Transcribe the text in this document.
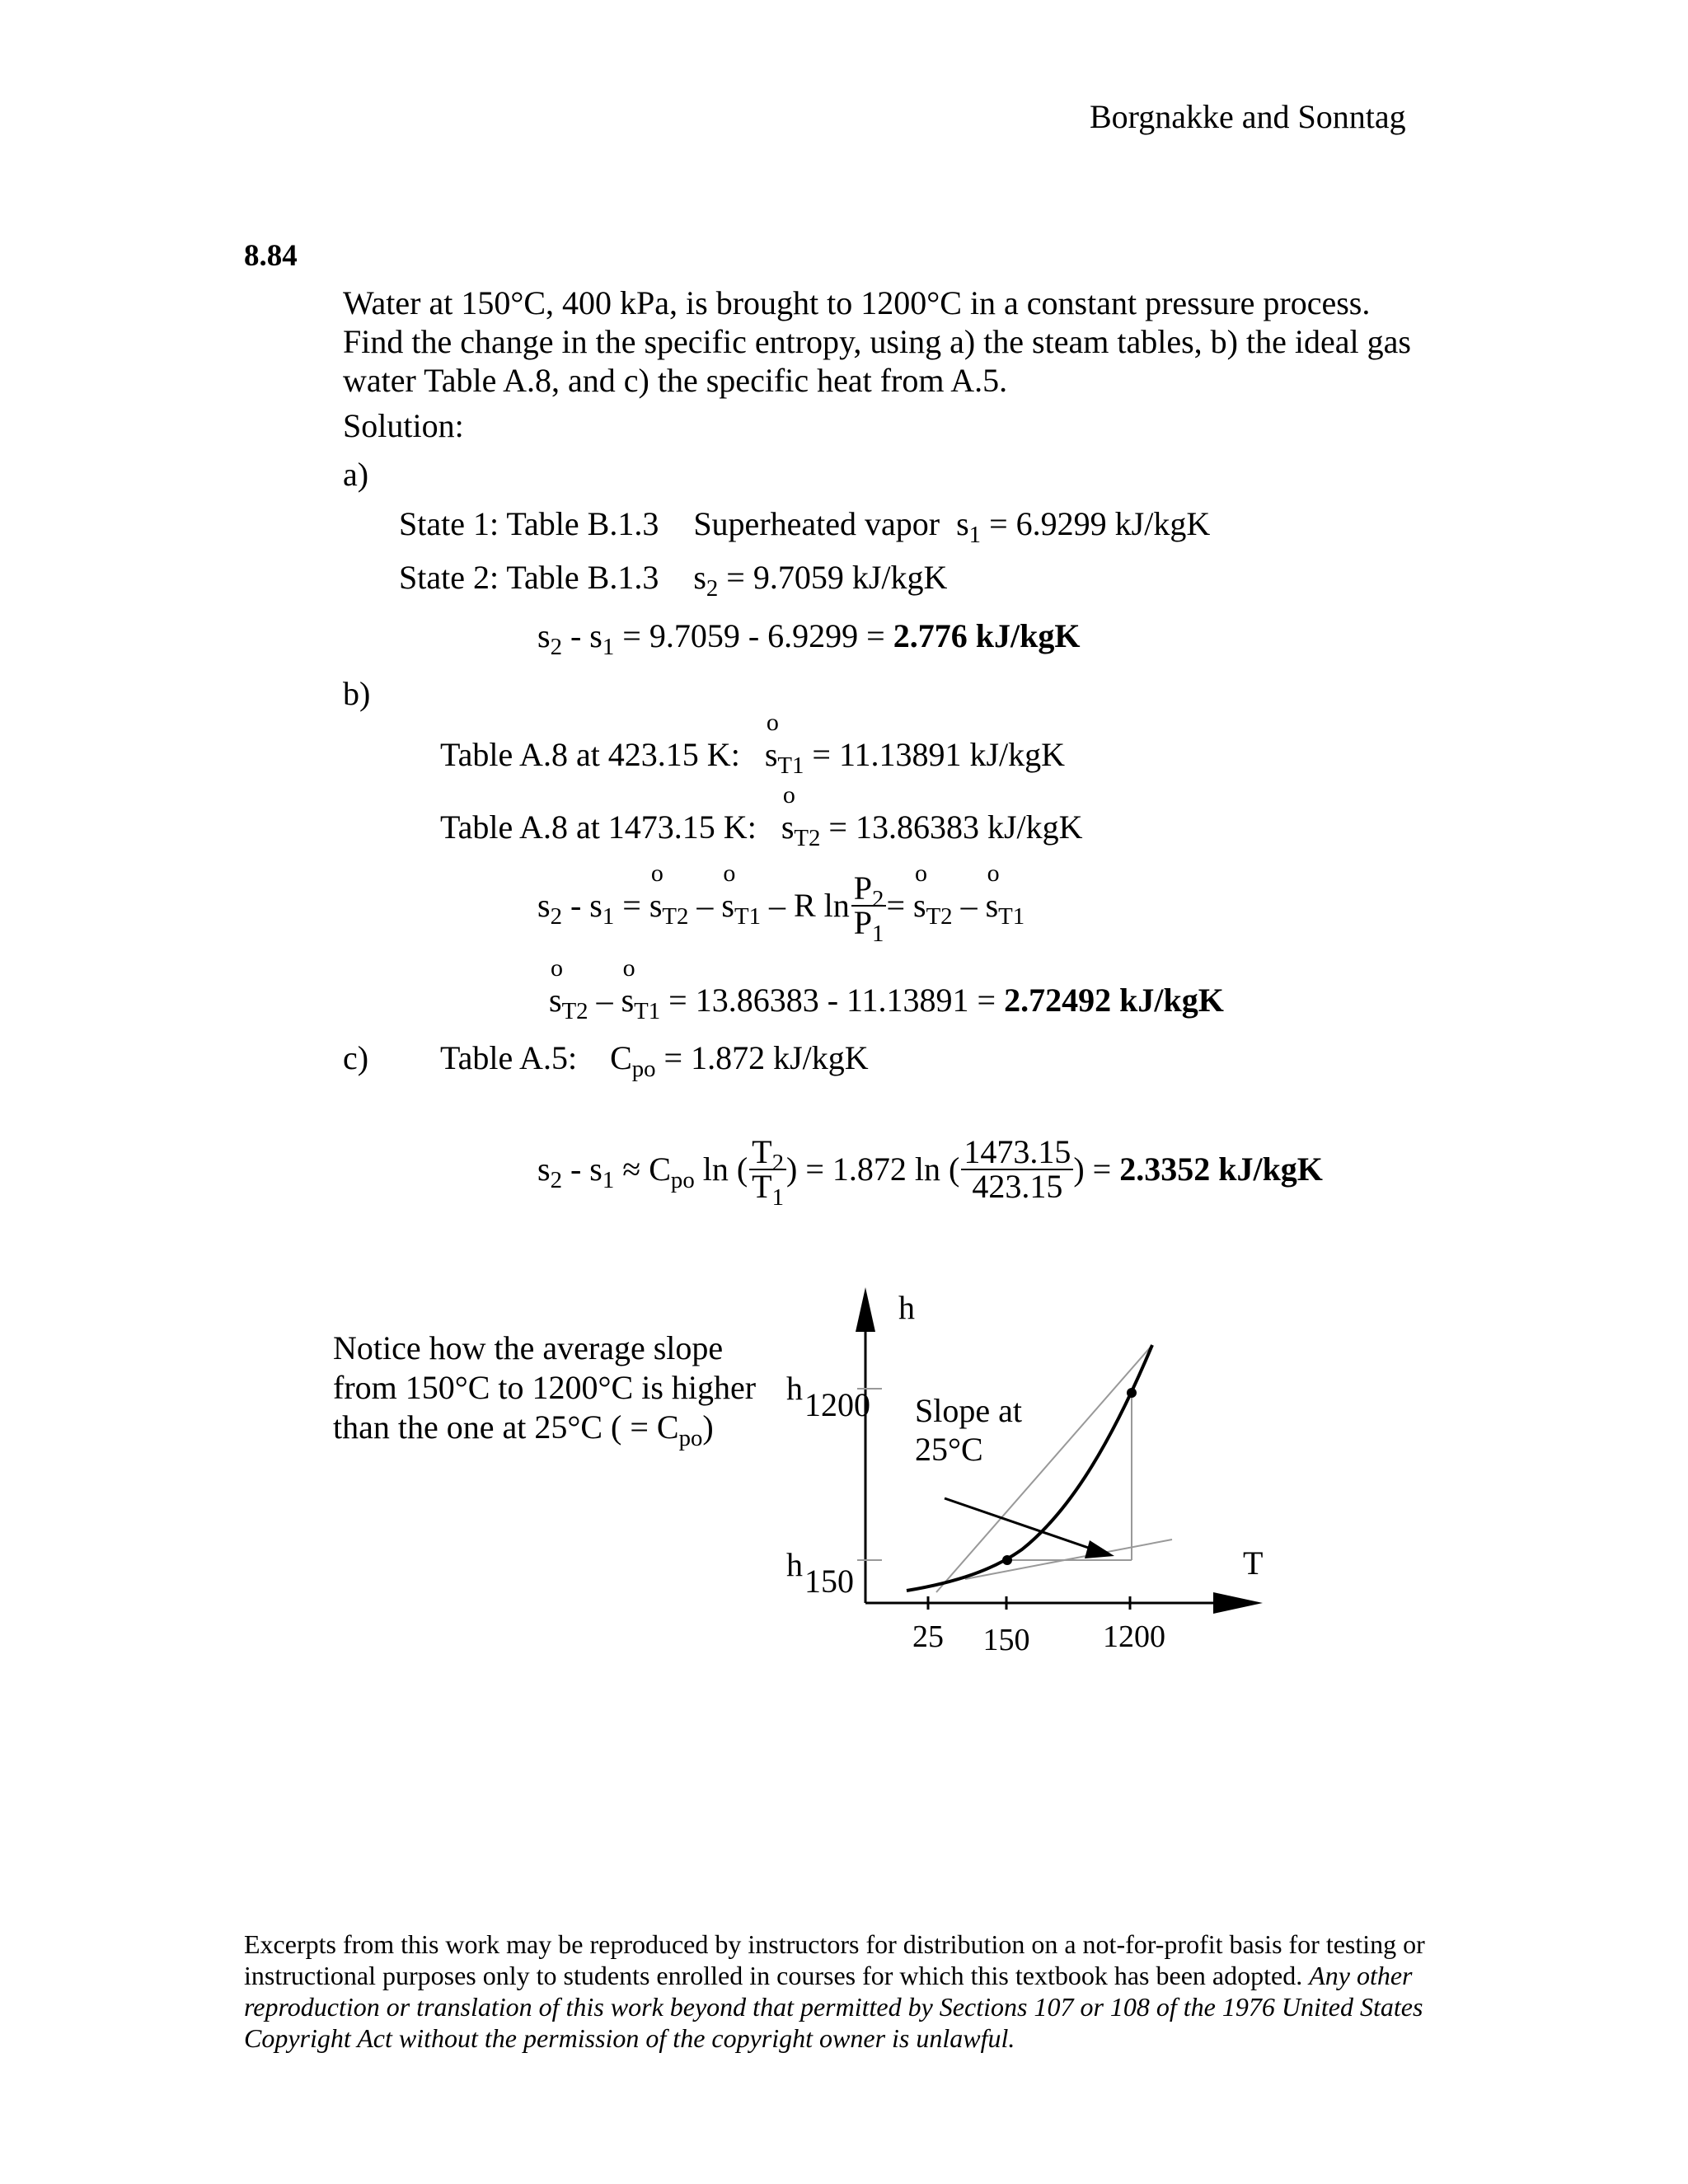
Borgnakke and Sonntag
8.84
Water at 150°C, 400 kPa, is brought to 1200°C in a constant pressure process.
Find the change in the specific entropy, using a) the steam tables, b) the ideal gas
water Table A.8, and c) the specific heat from A.5.
Solution:
a)
State 1: Table B.1.3 Superheated vapor  $s_1 = 6.9299$ kJ/kgK
State 2: Table B.1.3 $s_2 = 9.7059$ kJ/kgK
$s_2 - s_1 = 9.7059 - 6.9299 = 2.776$ kJ/kgK
b)
Table A.8 at 423.15 K: s
o
$_{T1}$ = 11.13891 kJ/kgK
Table A.8 at 1473.15 K: s
o
$_{T2}$ = 13.86383 kJ/kgK
$s_2 - s_1 = s$
o
$_{T2}$ – s
o
$_{T1}$ – R $\ln \frac{P_2}{P_1} = s$
o
$_{T2}$ – s
o
$_{T1}$
s
o
$_{T2}$ – s
o
$_{T1}$ = 13.86383 - 11.13891 = 2.72492 kJ/kgK
c) Table A.5:    $C_{po} = 1.872$ kJ/kgK
$s_2 - s_1 \approx C_{po}$ ln ( $\frac{T_2}{T_1}$ ) = 1.872 ln ( $\frac{1473.15}{423.15}$ ) =
2.3352 kJ/kgK
Notice how the average slope
from 150°C to 1200°C is higher
than the one at 25°C ( = $C_{po}$)
h
T
h 1200
h 150
25 150 1200
Slope at
25°C
Excerpts from this work may be reproduced by instructors for distribution on a not-for-profit basis for testing or instructional purposes only to students enrolled in courses for which this textbook has been adopted. Any other reproduction or translation of this work beyond that permitted by Sections 107 or 108 of the 1976 United States Copyright Act without the permission of the copyright owner is unlawful.
